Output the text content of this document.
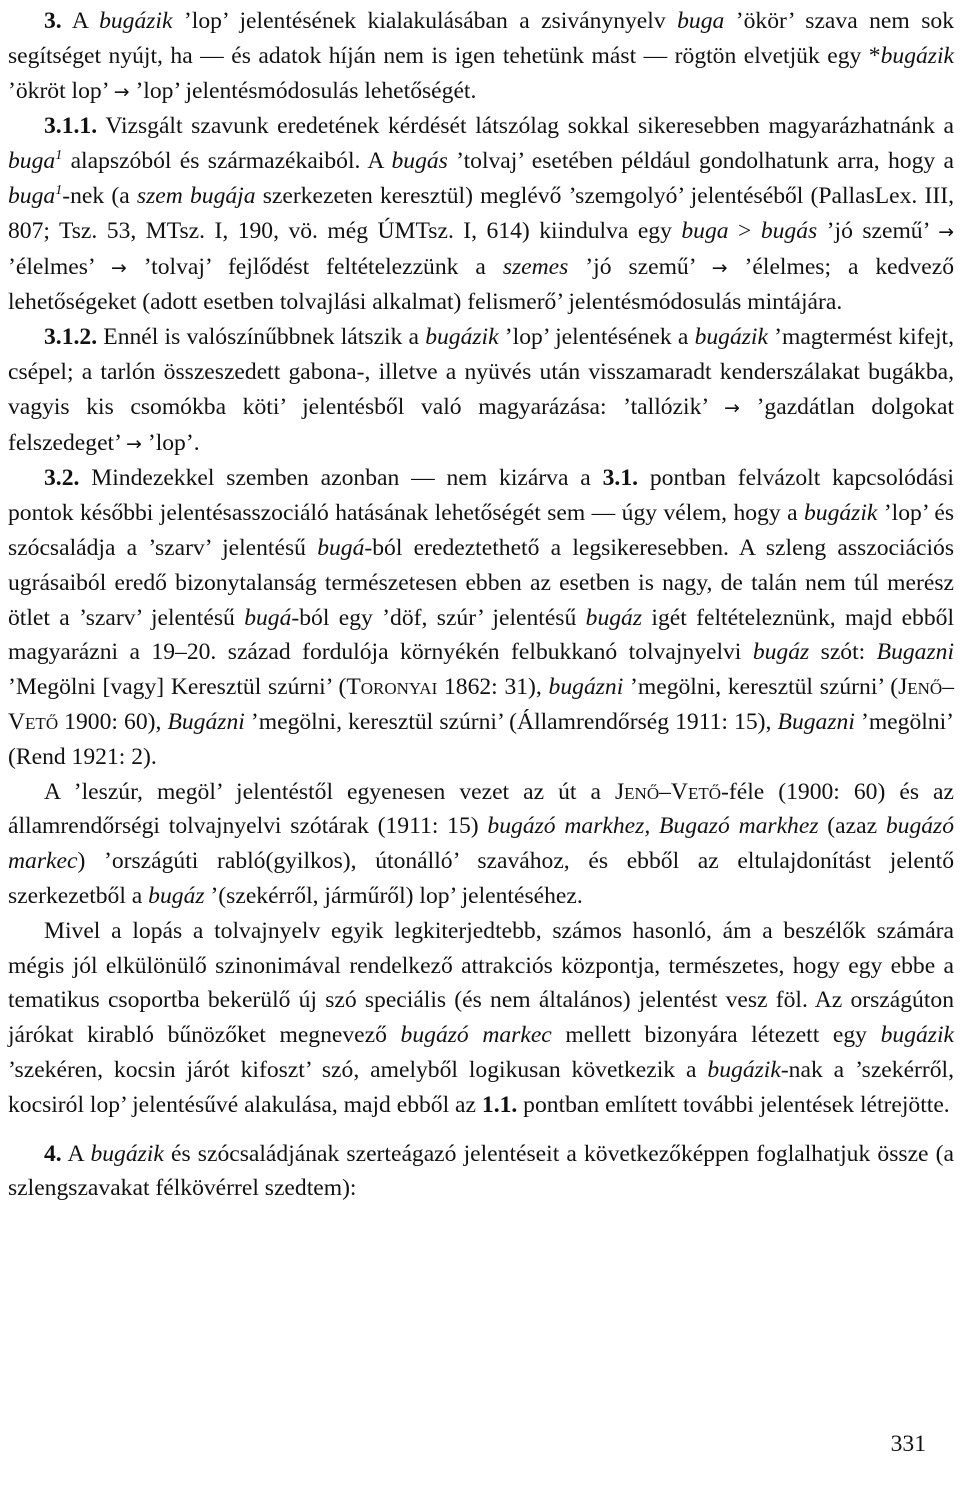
3. A bugázik ’lop’ jelentésének kialakulásában a zsiványnyelv buga ’ökör’ szava nem sok segítséget nyújt, ha — és adatok híján nem is igen tehetünk mást — rögtön elvetjük egy *bugázik ’ökröt lop’ → ’lop’ jelentésmódosulás lehetőségét.

3.1.1. Vizsgált szavunk eredetének kérdését látszólag sokkal sikeresebben magyarázhatnánk a buga$^1$ alapszóból és származékaiból. A bugás ’tolvaj’ esetében például gondolhatunk arra, hogy a buga$^1$-nek (a szem bugája szerkezeten keresztül) meglévő ’szemgolyó’ jelentéséből (PallasLex. III, 807; Tsz. 53, MTsz. I, 190, vö. még ÚMTsz. I, 614) kiindulva egy buga > bugás ’jó szemű’ → ’élelmes’ → ’tolvaj’ fejlődést feltételezzünk a szemes ’jó szemű’ → ’élelmes; a kedvező lehetőségeket (adott esetben tolvajlási alkalmat) felismerő’ jelentésmódosulás mintájára.

3.1.2. Ennél is valószínűbbnek látszik a bugázik ’lop’ jelentésének a bugázik ’magtermést kifejt, csépel; a tarlón összeszedett gabona-, illetve a nyüvés után visszamaradt kenderszálakat bugákba, vagyis kis csomókba köti’ jelentésből való magyarázása: ’tallózik’ → ’gazdátlan dolgokat felszedeget’ → ’lop’.

3.2. Mindezekkel szemben azonban — nem kizárva a 3.1. pontban felvázolt kapcsolódási pontok későbbi jelentésasszociáló hatásának lehetőségét sem — úgy vélem, hogy a bugázik ’lop’ és szócsaládja a ’szarv’ jelentésű bugá-ból eredeztethető a legsikeresebben. A szleng asszociációs ugrásaiból eredő bizonytalanság természetesen ebben az esetben is nagy, de talán nem túl merész ötlet a ’szarv’ jelentésű bugá-ból egy ’döf, szúr’ jelentésű bugáz igét feltételeznünk, majd ebből magyarázni a 19–20. század fordulója környékén felbukkanó tolvajnyelvi bugáz szót: Bugazni ’Megölni [vagy] Keresztül szúrni’ (Toronyai 1862: 31), bugázni ’megölni, keresztül szúrni’ (Jenő–Vető 1900: 60), Bugázni ’megölni, keresztül szúrni’ (Államrendőrség 1911: 15), Bugazni ’megölni’ (Rend 1921: 2).

A ’leszúr, megöl’ jelentéstől egyenesen vezet az út a Jenő–Vető-féle (1900: 60) és az államrendőrségi tolvajnyelvi szótárak (1911: 15) bugázó markhez, Bugazó markhez (azaz bugázó markec) ’országúti rabló(gyilkos), útonálló’ szavához, és ebből az eltulajdonítást jelentő szerkezetből a bugáz ’(szekérről, járműről) lop’ jelentéséhez.

Mivel a lopás a tolvajnyelv egyik legkiterjedtebb, számos hasonló, ám a beszélők számára mégis jól elkülönülő szinonimával rendelkező attrakciós központja, természetes, hogy egy ebbe a tematikus csoportba bekerülő új szó speciális (és nem általános) jelentést vesz föl. Az országúton járókat kirabló bűnözőket megnevező bugázó markec mellett bizonyára létezett egy bugázik ’szekéren, kocsin járót kifoszt’ szó, amelyből logikusan következik a bugázik-nak a ’szekérről, kocsiról lop’ jelentésűvé alakulása, majd ebből az 1.1. pontban említett további jelentések létrejötte.

4. A bugázik és szócsaládjának szerteágazó jelentéseit a következőképpen foglalhatjuk össze (a szlengszavakat félkövérrel szedtem):

331
